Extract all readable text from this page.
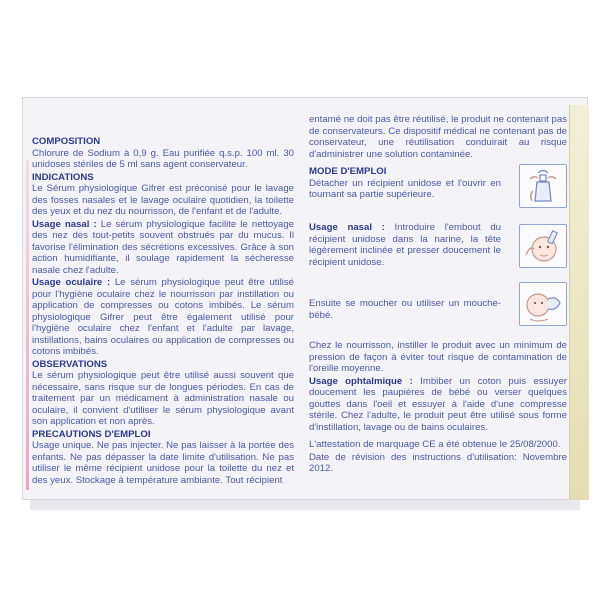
COMPOSITION

Chlorure de Sodium à 0,9 g. Eau purifiée q.s.p. 100 ml. 30 unidoses stériles de 5 ml sans agent conservateur.

INDICATIONS

Le Sérum physiologique Gifrer est préconisé pour le lavage des fosses nasales et le lavage oculaire quotidien, la toilette des yeux et du nez du nourrisson, de l'enfant et de l'adulte.

Usage nasal : Le sérum physiologique facilite le nettoyage des nez des tout-petits souvent obstrués par du mucus. Il favorise l'élimination des sécrétions excessives. Grâce à son action humidifiante, il soulage rapidement la sécheresse nasale chez l'adulte.

Usage oculaire : Le sérum physiologique peut être utilisé pour l'hygiène oculaire chez le nourrisson par instillation ou application de compresses ou cotons imbibés. Le sérum physiologique Gifrer peut être également utilisé pour l'hygiène oculaire chez l'enfant et l'adulte par lavage, instillations, bains oculaires ou application de compresses ou cotons imbibés.

OBSERVATIONS

Le sérum physiologique peut être utilisé aussi souvent que nécessaire, sans risque sur de longues périodes. En cas de traitement par un médicament à administration nasale ou oculaire, il convient d'utiliser le sérum physiologique avant son application et non après.

PRECAUTIONS D'EMPLOI

Usage unique. Ne pas injecter. Ne pas laisser à la portée des enfants. Ne pas dépasser la date limite d'utilisation. Ne pas utiliser le même récipient unidose pour la toilette du nez et des yeux. Stockage à température ambiante. Tout récipient

entamé ne doit pas être réutilisé, le produit ne contenant pas de conservateurs. Ce dispositif médical ne contenant pas de conservateur, une réutilisation conduirait au risque d'administrer une solution contaminée.

MODE D'EMPLOI

Détacher un récipient unidose et l'ouvrir en tournant sa partie supérieure.

Usage nasal : Introduire l'embout du récipient unidose dans la narine, la tête légèrement inclinée et presser doucement le récipient unidose.

Ensuite se moucher ou utiliser un mouche-bébé.

Chez le nourrisson, instiller le produit avec un minimum de pression de façon à éviter tout risque de contamination de l'oreille moyenne.

Usage ophtalmique : Imbiber un coton puis essuyer doucement les paupières de bébé ou verser quelques gouttes dans l'oeil et essuyer à l'aide d'une compresse stérile. Chez l'adulte, le produit peut être utilisé sous forme d'instillation, lavage ou de bains oculaires.

L'attestation de marquage CE a été obtenue le 25/08/2000.

Date de révision des instructions d'utilisation: Novembre 2012.
